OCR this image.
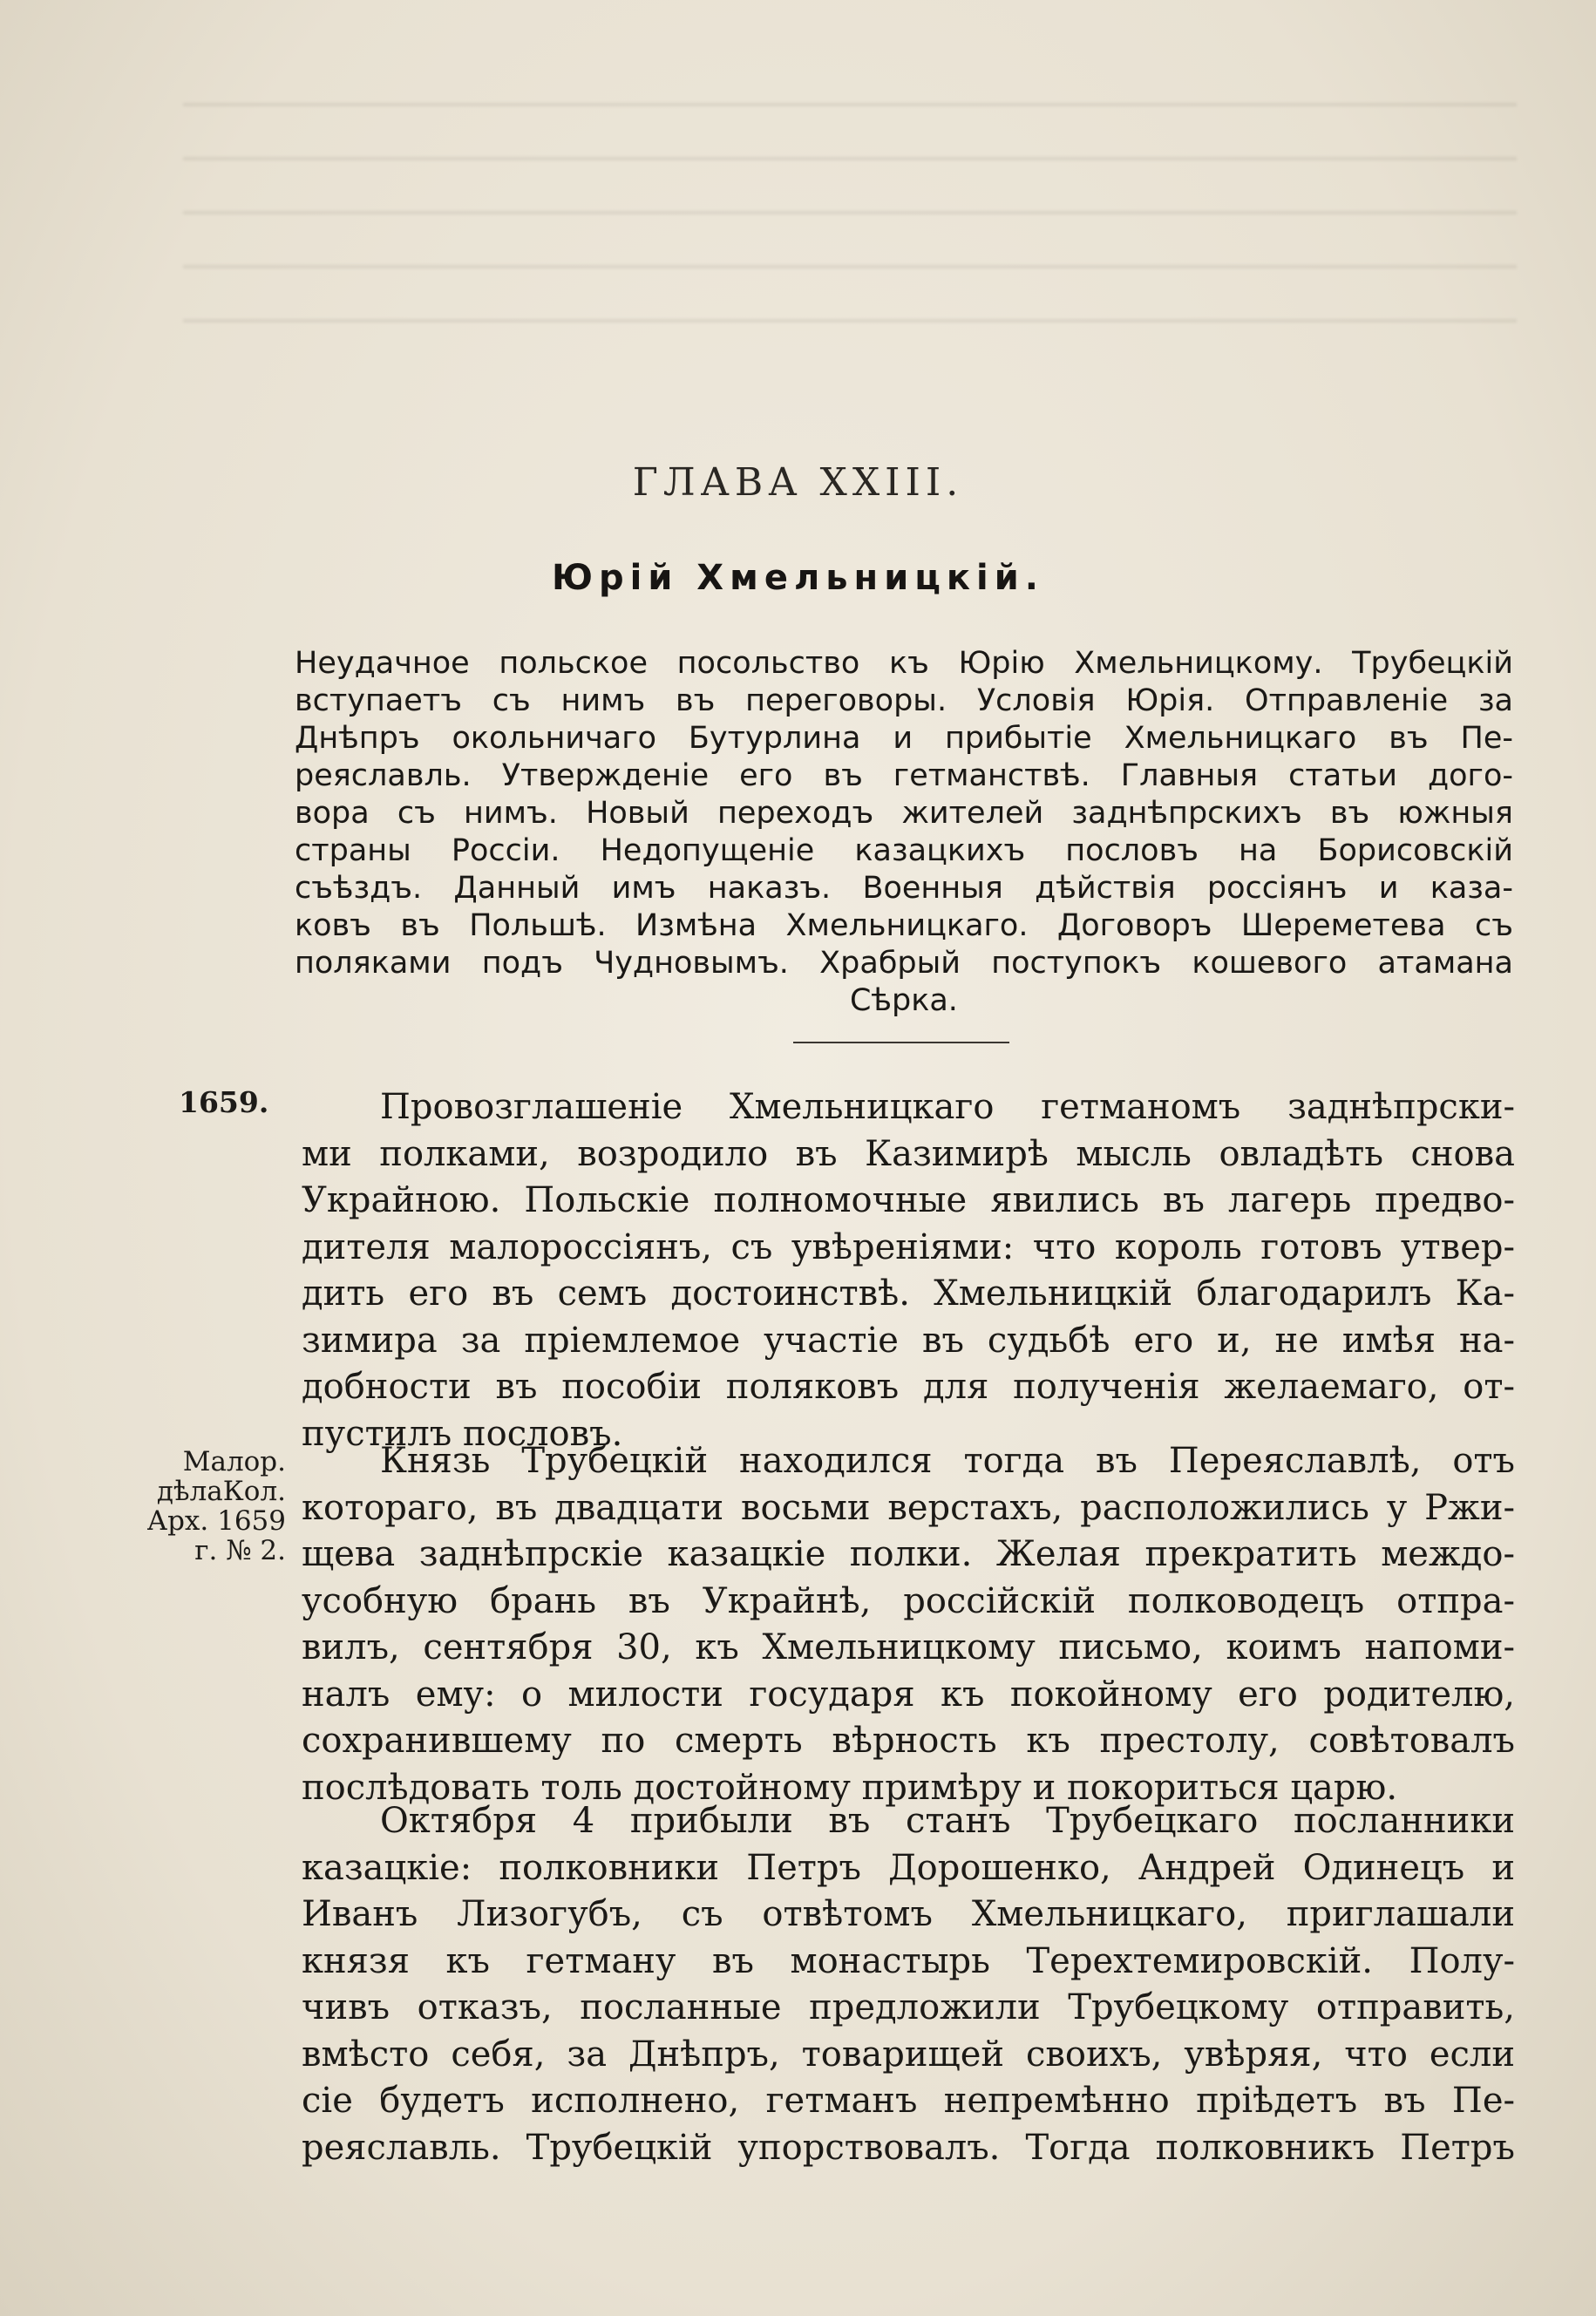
ГЛАВА XXIII.
Юрій Хмельницкій.
Неудачное польское посольство къ Юрію Хмельницкому. Трубецкій
вступаетъ съ нимъ въ переговоры. Условія Юрія. Отправленіе за
Днѣпръ окольничаго Бутурлина и прибытіе Хмельницкаго въ Пе-
реяславль. Утвержденіе его въ гетманствѣ. Главныя статьи дого-
вора съ нимъ. Новый переходъ жителей заднѣпрскихъ въ южныя
страны Россіи. Недопущеніе казацкихъ пословъ на Борисовскій
съѣздъ. Данный имъ наказъ. Военныя дѣйствія россіянъ и каза-
ковъ въ Польшѣ. Измѣна Хмельницкаго. Договоръ Шереметева съ
поляками подъ Чудновымъ. Храбрый поступокъ кошевого атамана
Сѣрка.
1659.
Малор.
дѣлаКол.
Арх. 1659
г. № 2.
Провозглашеніе Хмельницкаго гетманомъ заднѣпрски-
ми полками, возродило въ Казимирѣ мысль овладѣть снова
Украйною. Польскіе полномочные явились въ лагерь предво-
дителя малороссіянъ, съ увѣреніями: что король готовъ утвер-
дить его въ семъ достоинствѣ. Хмельницкій благодарилъ Ка-
зимира за пріемлемое участіе въ судьбѣ его и, не имѣя на-
добности въ пособіи поляковъ для полученія желаемаго, от-
пустилъ пословъ.
Князь Трубецкій находился тогда въ Переяславлѣ, отъ
котораго, въ двадцати восьми верстахъ, расположились у Ржи-
щева заднѣпрскіе казацкіе полки. Желая прекратить междо-
усобную брань въ Украйнѣ, россійскій полководецъ отпра-
вилъ, сентября 30, къ Хмельницкому письмо, коимъ напоми-
налъ ему: о милости государя къ покойному его родителю,
сохранившему по смерть вѣрность къ престолу, совѣтовалъ
послѣдовать толь достойному примѣру и покориться царю.
Октября 4 прибыли въ станъ Трубецкаго посланники
казацкіе: полковники Петръ Дорошенко, Андрей Одинецъ и
Иванъ Лизогубъ, съ отвѣтомъ Хмельницкаго, приглашали
князя къ гетману въ монастырь Терехтемировскій. Полу-
чивъ отказъ, посланные предложили Трубецкому отправить,
вмѣсто себя, за Днѣпръ, товарищей своихъ, увѣряя, что если
сіе будетъ исполнено, гетманъ непремѣнно пріѣдетъ въ Пе-
реяславль. Трубецкій упорствовалъ. Тогда полковникъ Петръ
